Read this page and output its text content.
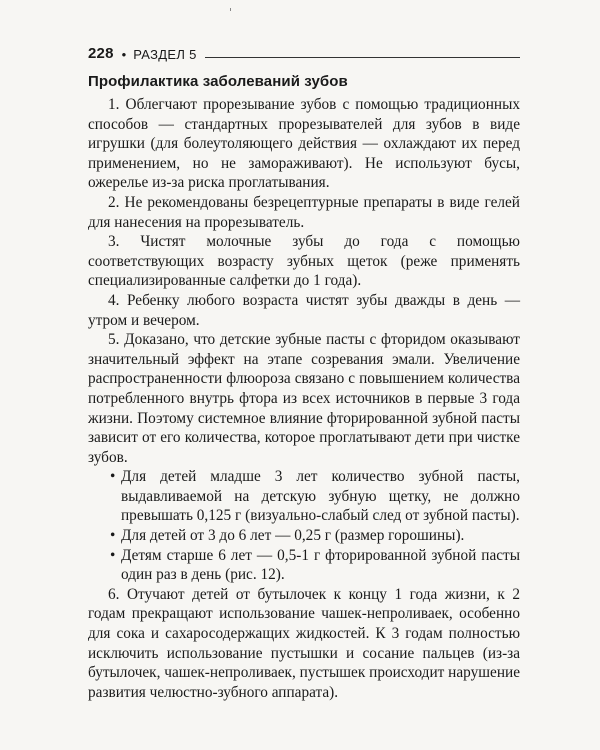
228 • РАЗДЕЛ 5
Профилактика заболеваний зубов

1. Облегчают прорезывание зубов с помощью традиционных способов — стандартных прорезывателей для зубов в виде игрушки (для болеутоляющего действия — охлаждают их перед применением, но не замораживают). Не используют бусы, ожерелье из-за риска проглатывания.

2. Не рекомендованы безрецептурные препараты в виде гелей для нанесения на прорезыватель.

3. Чистят молочные зубы до года с помощью соответствующих возрасту зубных щеток (реже применять специализированные салфетки до 1 года).

4. Ребенку любого возраста чистят зубы дважды в день — утром и вечером.

5. Доказано, что детские зубные пасты с фторидом оказывают значительный эффект на этапе созревания эмали. Увеличение распространенности флюороза связано с повышением количества потребленного внутрь фтора из всех источников в первые 3 года жизни. Поэтому системное влияние фторированной зубной пасты зависит от его количества, которое проглатывают дети при чистке зубов.

• Для детей младше 3 лет количество зубной пасты, выдавливаемой на детскую зубную щетку, не должно превышать 0,125 г (визуально-слабый след от зубной пасты).
• Для детей от 3 до 6 лет — 0,25 г (размер горошины).
• Детям старше 6 лет — 0,5-1 г фторированной зубной пасты один раз в день (рис. 12).

6. Отучают детей от бутылочек к концу 1 года жизни, к 2 годам прекращают использование чашек-непроливаек, особенно для сока и сахаросодержащих жидкостей. К 3 годам полностью исключить использование пустышки и сосание пальцев (из-за бутылочек, чашек-непроливаек, пустышек происходит нарушение развития челюстно-зубного аппарата).
